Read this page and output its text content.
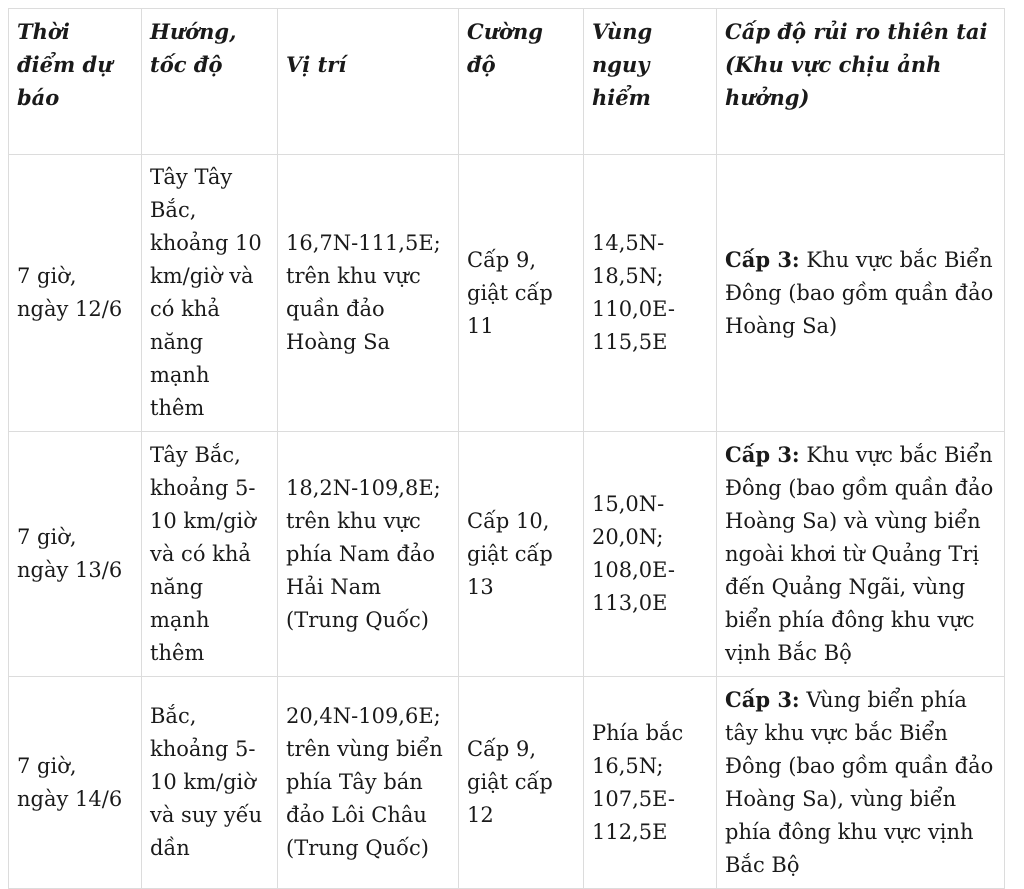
Thời điểm dự báo	Hướng, tốc độ	Vị trí	Cường độ	Vùng nguy hiểm	Cấp độ rủi ro thiên tai (Khu vực chịu ảnh hưởng)
7 giờ, ngày 12/6	Tây Tây Bắc, khoảng 10 km/giờ và có khả năng mạnh thêm	16,7N-111,5E; trên khu vực quần đảo Hoàng Sa	Cấp 9, giật cấp 11	14,5N-18,5N; 110,0E-115,5E	Cấp 3: Khu vực bắc Biển Đông (bao gồm quần đảo Hoàng Sa)
7 giờ, ngày 13/6	Tây Bắc, khoảng 5-10 km/giờ và có khả năng mạnh thêm	18,2N-109,8E; trên khu vực phía Nam đảo Hải Nam (Trung Quốc)	Cấp 10, giật cấp 13	15,0N-20,0N; 108,0E-113,0E	Cấp 3: Khu vực bắc Biển Đông (bao gồm quần đảo Hoàng Sa) và vùng biển ngoài khơi từ Quảng Trị đến Quảng Ngãi, vùng biển phía đông khu vực vịnh Bắc Bộ
7 giờ, ngày 14/6	Bắc, khoảng 5-10 km/giờ và suy yếu dần	20,4N-109,6E; trên vùng biển phía Tây bán đảo Lôi Châu (Trung Quốc)	Cấp 9, giật cấp 12	Phía bắc 16,5N; 107,5E-112,5E	Cấp 3: Vùng biển phía tây khu vực bắc Biển Đông (bao gồm quần đảo Hoàng Sa), vùng biển phía đông khu vực vịnh Bắc Bộ
